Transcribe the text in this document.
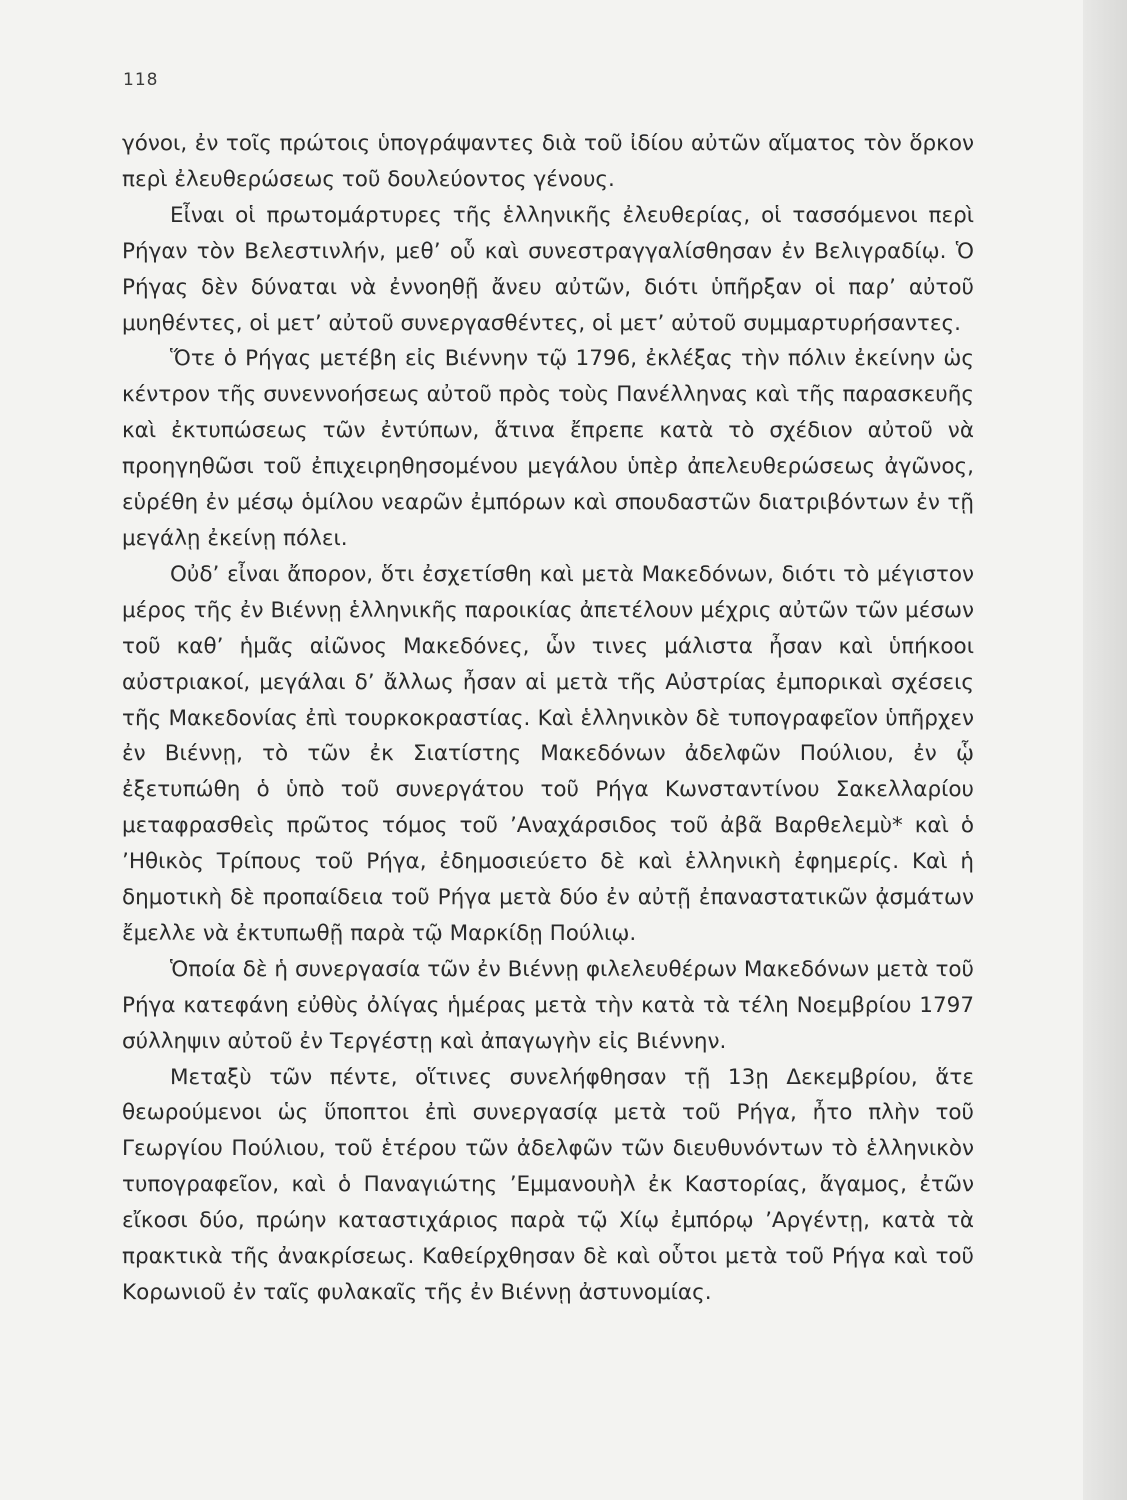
118

γόνοι, ἐν τοῖς πρώτοις ὑπογράψαντες διὰ τοῦ ἰδίου αὐτῶν αἵματος τὸν ὅρκον περὶ ἐλευθερώσεως τοῦ δουλεύοντος γένους.

Εἶναι οἱ πρωτομάρτυρες τῆς ἑλληνικῆς ἐλευθερίας, οἱ τασσόμενοι περὶ Ρήγαν τὸν Βελεστινλήν, μεθ’ οὗ καὶ συνεστραγγαλίσθησαν ἐν Βελιγραδίῳ. Ὁ Ρήγας δὲν δύναται νὰ ἐννοηθῇ ἄνευ αὐτῶν, διότι ὑπῆρξαν οἱ παρ’ αὐτοῦ μυηθέντες, οἱ μετ’ αὐτοῦ συνεργασθέντες, οἱ μετ’ αὐτοῦ συμμαρτυρήσαντες.

Ὅτε ὁ Ρήγας μετέβη εἰς Βιέννην τῷ 1796, ἐκλέξας τὴν πόλιν ἐκείνην ὡς κέντρον τῆς συνεννοήσεως αὐτοῦ πρὸς τοὺς Πανέλληνας καὶ τῆς παρασκευῆς καὶ ἐκτυπώσεως τῶν ἐντύπων, ἅτινα ἔπρεπε κατὰ τὸ σχέδιον αὐτοῦ νὰ προηγηθῶσι τοῦ ἐπιχειρηθησομένου μεγάλου ὑπὲρ ἀπελευθερώσεως ἀγῶνος, εὑρέθη ἐν μέσῳ ὁμίλου νεαρῶν ἐμπόρων καὶ σπουδαστῶν διατριβόντων ἐν τῇ μεγάλῃ ἐκείνῃ πόλει.

Οὐδ’ εἶναι ἄπορον, ὅτι ἐσχετίσθη καὶ μετὰ Μακεδόνων, διότι τὸ μέγιστον μέρος τῆς ἐν Βιέννῃ ἑλληνικῆς παροικίας ἀπετέλουν μέχρις αὐτῶν τῶν μέσων τοῦ καθ’ ἡμᾶς αἰῶνος Μακεδόνες, ὧν τινες μάλιστα ἦσαν καὶ ὑπήκοοι αὐστριακοί, μεγάλαι δ’ ἄλλως ἦσαν αἱ μετὰ τῆς Αὐστρίας ἐμπορικαὶ σχέσεις τῆς Μακεδονίας ἐπὶ τουρκοκραστίας. Καὶ ἑλληνικὸν δὲ τυπογραφεῖον ὑπῆρχεν ἐν Βιέννῃ, τὸ τῶν ἐκ Σιατίστης Μακεδόνων ἀδελφῶν Πούλιου, ἐν ᾧ ἐξετυπώθη ὁ ὑπὸ τοῦ συνεργάτου τοῦ Ρήγα Κωνσταντίνου Σακελλαρίου μεταφρασθεὶς πρῶτος τόμος τοῦ ’Αναχάρσιδος τοῦ ἀβᾶ Βαρθελεμὺ* καὶ ὁ ’Ηθικὸς Τρίπους τοῦ Ρήγα, ἐδημοσιεύετο δὲ καὶ ἑλληνικὴ ἐφημερίς. Καὶ ἡ δημοτικὴ δὲ προπαίδεια τοῦ Ρήγα μετὰ δύο ἐν αὐτῇ ἐπαναστατικῶν ᾀσμάτων ἔμελλε νὰ ἐκτυπωθῇ παρὰ τῷ Μαρκίδῃ Πούλιῳ.

Ὁποία δὲ ἡ συνεργασία τῶν ἐν Βιέννῃ φιλελευθέρων Μακεδόνων μετὰ τοῦ Ρήγα κατεφάνη εὐθὺς ὀλίγας ἡμέρας μετὰ τὴν κατὰ τὰ τέλη Νοεμβρίου 1797 σύλληψιν αὐτοῦ ἐν Τεργέστῃ καὶ ἀπαγωγὴν εἰς Βιέννην.

Μεταξὺ τῶν πέντε, οἵτινες συνελήφθησαν τῇ 13ῃ Δεκεμβρίου, ἅτε θεωρούμενοι ὡς ὕποπτοι ἐπὶ συνεργασίᾳ μετὰ τοῦ Ρήγα, ἦτο πλὴν τοῦ Γεωργίου Πούλιου, τοῦ ἑτέρου τῶν ἀδελφῶν τῶν διευθυνόντων τὸ ἑλληνικὸν τυπογραφεῖον, καὶ ὁ Παναγιώτης ’Εμμανουὴλ ἐκ Καστορίας, ἄγαμος, ἐτῶν εἴκοσι δύο, πρώην καταστιχάριος παρὰ τῷ Χίῳ ἐμπόρῳ ’Αργέντῃ, κατὰ τὰ πρακτικὰ τῆς ἀνακρίσεως. Καθείρχθησαν δὲ καὶ οὗτοι μετὰ τοῦ Ρήγα καὶ τοῦ Κορωνιοῦ ἐν ταῖς φυλακαῖς τῆς ἐν Βιέννῃ ἀστυνομίας.
